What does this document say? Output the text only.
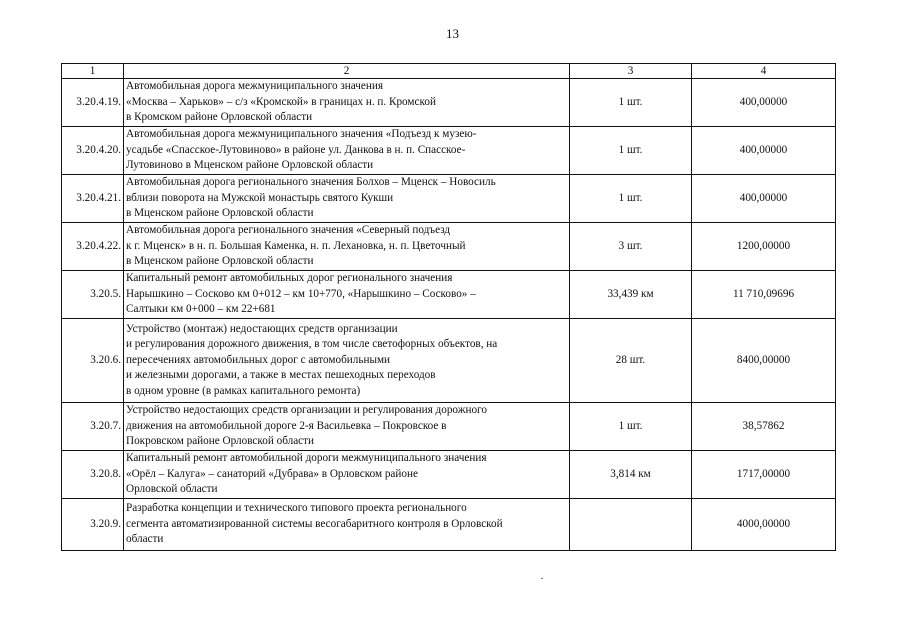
13
1	2	3	4
3.20.4.19.	Автомобильная дорога межмуниципального значения
«Москва – Харьков» – с/з «Кромской» в границах н. п. Кромской
в Кромском районе Орловской области	1 шт.	400,00000
3.20.4.20.	Автомобильная дорога межмуниципального значения «Подъезд к музею-
усадьбе «Спасское-Лутовиново» в районе ул. Данкова в н. п. Спасское-
Лутовиново в Мценском районе Орловской области	1 шт.	400,00000
3.20.4.21.	Автомобильная дорога регионального значения Болхов – Мценск – Новосиль
вблизи поворота на Мужской монастырь святого Кукши
в Мценском районе Орловской области	1 шт.	400,00000
3.20.4.22.	Автомобильная дорога регионального значения «Северный подъезд
к г. Мценск» в н. п. Большая Каменка, н. п. Лехановка, н. п. Цветочный
в Мценском районе Орловской области	3 шт.	1200,00000
3.20.5.	Капитальный ремонт автомобильных дорог регионального значения
Нарышкино – Сосково км 0+012 – км 10+770, «Нарышкино – Сосково» –
Салтыки км 0+000 – км 22+681	33,439 км	11 710,09696
3.20.6.	Устройство (монтаж) недостающих средств организации
и регулирования дорожного движения, в том числе светофорных объектов, на
пересечениях автомобильных дорог с автомобильными
и железными дорогами, а также в местах пешеходных переходов
в одном уровне (в рамках капитального ремонта)	28 шт.	8400,00000
3.20.7.	Устройство недостающих средств организации и регулирования дорожного
движения на автомобильной дороге 2-я Васильевка – Покровское в
Покровском районе Орловской области	1 шт.	38,57862
3.20.8.	Капитальный ремонт автомобильной дороги межмуниципального значения
«Орёл – Калуга» – санаторий «Дубрава» в Орловском районе
Орловской области	3,814 км	1717,00000
3.20.9.	Разработка концепции и технического типового проекта регионального
сегмента автоматизированной системы весогабаритного контроля в Орловской
области		4000,00000
